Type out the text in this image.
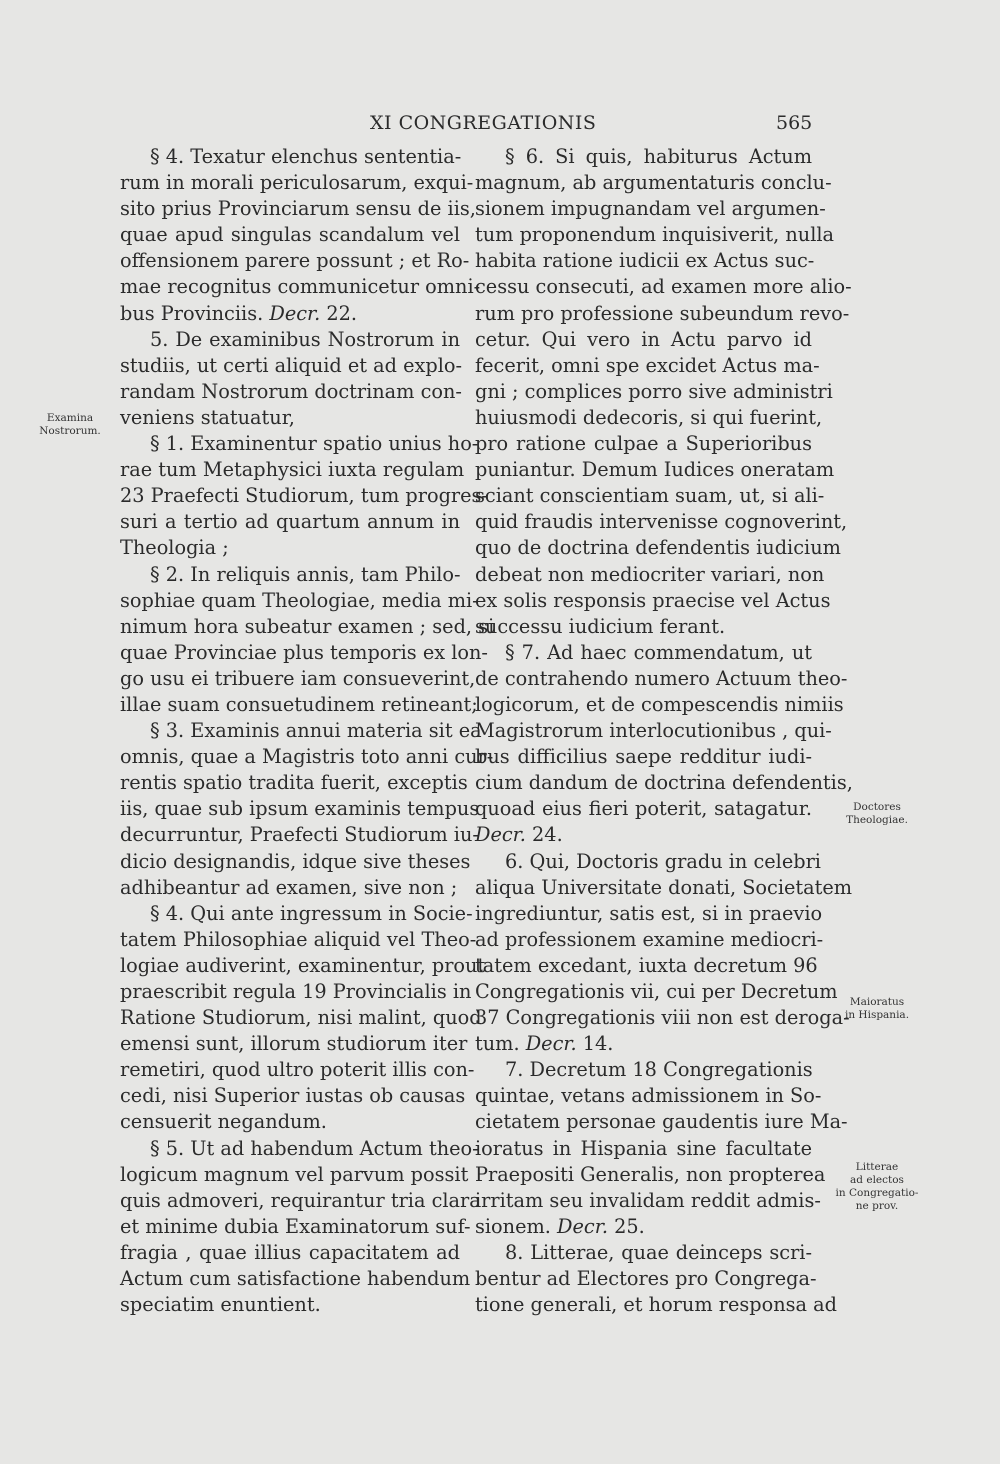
XI CONGREGATIONIS	565
§ 4. Texatur elenchus sententia-
rum in morali periculosarum, exqui-
sito prius Provinciarum sensu de iis,
quae apud singulas scandalum vel
offensionem parere possunt ; et Ro-
mae recognitus communicetur omni-
bus Provinciis. Decr. 22.
5. De examinibus Nostrorum in
studiis, ut certi aliquid et ad explo-
randam Nostrorum doctrinam con-
veniens statuatur,
§ 1. Examinentur spatio unius ho-
rae tum Metaphysici iuxta regulam
23 Praefecti Studiorum, tum progres-
suri a tertio ad quartum annum in
Theologia ;
§ 2. In reliquis annis, tam Philo-
sophiae quam Theologiae, media mi-
nimum hora subeatur examen ; sed, si
quae Provinciae plus temporis ex lon-
go usu ei tribuere iam consueverint,
illae suam consuetudinem retineant;
§ 3. Examinis annui materia sit ea
omnis, quae a Magistris toto anni cur-
rentis spatio tradita fuerit, exceptis
iis, quae sub ipsum examinis tempus
decurruntur, Praefecti Studiorum iu-
dicio designandis, idque sive theses
adhibeantur ad examen, sive non ;
§ 4. Qui ante ingressum in Socie-
tatem Philosophiae aliquid vel Theo-
logiae audiverint, examinentur, prout
praescribit regula 19 Provincialis in
Ratione Studiorum, nisi malint, quod
emensi sunt, illorum studiorum iter
remetiri, quod ultro poterit illis con-
cedi, nisi Superior iustas ob causas
censuerit negandum.
§ 5. Ut ad habendum Actum theo-
logicum magnum vel parvum possit
quis admoveri, requirantur tria clara
et minime dubia Examinatorum suf-
fragia , quae illius capacitatem ad
Actum cum satisfactione habendum
speciatim enuntient.
§ 6. Si quis, habiturus Actum
magnum, ab argumentaturis conclu-
sionem impugnandam vel argumen-
tum proponendum inquisiverit, nulla
habita ratione iudicii ex Actus suc-
cessu consecuti, ad examen more alio-
rum pro professione subeundum revo-
cetur. Qui vero in Actu parvo id
fecerit, omni spe excidet Actus ma-
gni ; complices porro sive administri
huiusmodi dedecoris, si qui fuerint,
pro ratione culpae a Superioribus
puniantur. Demum Iudices oneratam
sciant conscientiam suam, ut, si ali-
quid fraudis intervenisse cognoverint,
quo de doctrina defendentis iudicium
debeat non mediocriter variari, non
ex solis responsis praecise vel Actus
successu iudicium ferant.
§ 7. Ad haec commendatum, ut
de contrahendo numero Actuum theo-
logicorum, et de compescendis nimiis
Magistrorum interlocutionibus , qui-
bus difficilius saepe redditur iudi-
cium dandum de doctrina defendentis,
quoad eius fieri poterit, satagatur.
Decr. 24.
6. Qui, Doctoris gradu in celebri
aliqua Universitate donati, Societatem
ingrediuntur, satis est, si in praevio
ad professionem examine mediocri-
tatem excedant, iuxta decretum 96
Congregationis vii, cui per Decretum
37 Congregationis viii non est deroga-
tum. Decr. 14.
7. Decretum 18 Congregationis
quintae, vetans admissionem in So-
cietatem personae gaudentis iure Ma-
ioratus in Hispania sine facultate
Praepositi Generalis, non propterea
irritam seu invalidam reddit admis-
sionem. Decr. 25.
8. Litterae, quae deinceps scri-
bentur ad Electores pro Congrega-
tione generali, et horum responsa ad
Examina
Nostrorum.
Doctores
Theologiae.
Maioratus
in Hispania.
Litterae
ad electos
in Congregatio-
ne prov.
